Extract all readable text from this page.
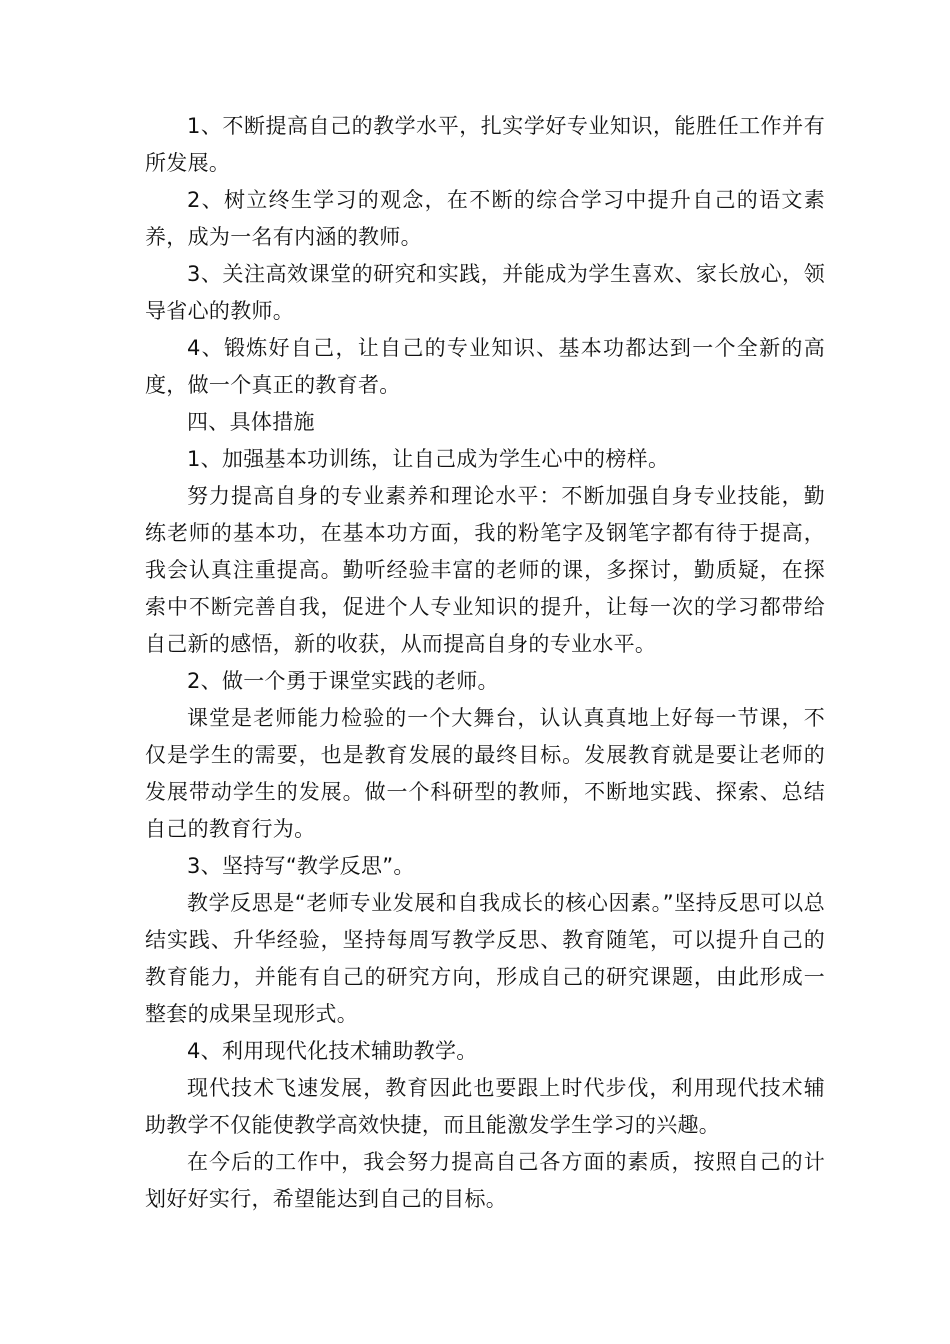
1、不断提高自己的教学水平，扎实学好专业知识，能胜任工作并有所发展。

2、树立终生学习的观念，在不断的综合学习中提升自己的语文素养，成为一名有内涵的教师。

3、关注高效课堂的研究和实践，并能成为学生喜欢、家长放心，领导省心的教师。

4、锻炼好自己，让自己的专业知识、基本功都达到一个全新的高度，做一个真正的教育者。

四、具体措施

1、加强基本功训练，让自己成为学生心中的榜样。

努力提高自身的专业素养和理论水平：不断加强自身专业技能，勤练老师的基本功，在基本功方面，我的粉笔字及钢笔字都有待于提高，我会认真注重提高。勤听经验丰富的老师的课，多探讨，勤质疑，在探索中不断完善自我，促进个人专业知识的提升，让每一次的学习都带给自己新的感悟，新的收获，从而提高自身的专业水平。

2、做一个勇于课堂实践的老师。

课堂是老师能力检验的一个大舞台，认认真真地上好每一节课，不仅是学生的需要，也是教育发展的最终目标。发展教育就是要让老师的发展带动学生的发展。做一个科研型的教师，不断地实践、探索、总结自己的教育行为。

3、坚持写“教学反思”。

教学反思是“老师专业发展和自我成长的核心因素。”坚持反思可以总结实践、升华经验，坚持每周写教学反思、教育随笔，可以提升自己的教育能力，并能有自己的研究方向，形成自己的研究课题，由此形成一整套的成果呈现形式。

4、利用现代化技术辅助教学。

现代技术飞速发展，教育因此也要跟上时代步伐，利用现代技术辅助教学不仅能使教学高效快捷，而且能激发学生学习的兴趣。

在今后的工作中，我会努力提高自己各方面的素质，按照自己的计划好好实行，希望能达到自己的目标。
